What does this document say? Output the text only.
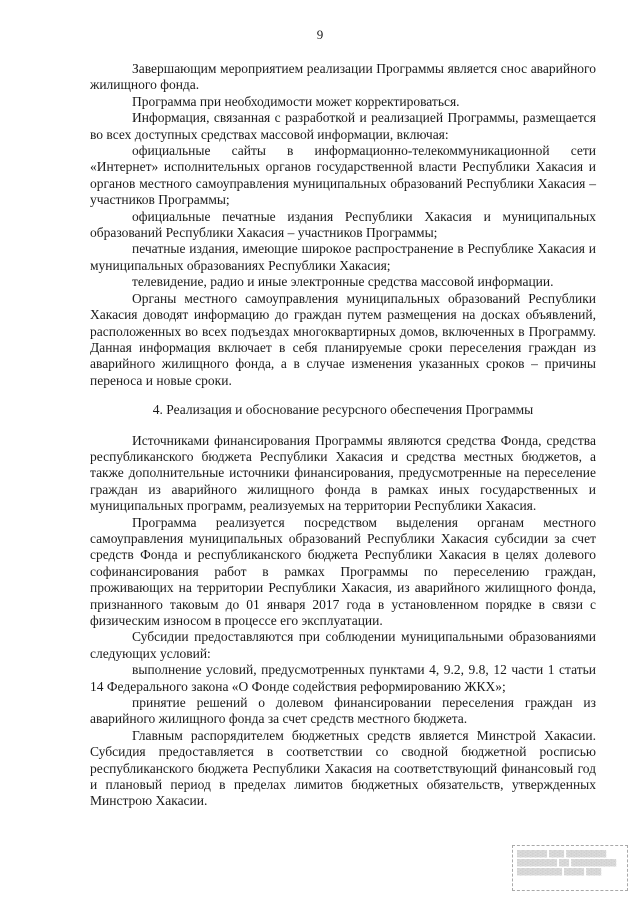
9

Завершающим мероприятием реализации Программы является снос аварийного жилищного фонда.

Программа при необходимости может корректироваться.

Информация, связанная с разработкой и реализацией Программы, размещается во всех доступных средствах массовой информации, включая:

официальные сайты в информационно-телекоммуникационной сети «Интернет» исполнительных органов государственной власти Республики Хакасия и органов местного самоуправления муниципальных образований Республики Хакасия – участников Программы;

официальные печатные издания Республики Хакасия и муниципальных образований Республики Хакасия – участников Программы;

печатные издания, имеющие широкое распространение в Республике Хакасия и муниципальных образованиях Республики Хакасия;

телевидение, радио и иные электронные средства массовой информации.

Органы местного самоуправления муниципальных образований Республики Хакасия доводят информацию до граждан путем размещения на досках объявлений, расположенных во всех подъездах многоквартирных домов, включенных в Программу. Данная информация включает в себя планируемые сроки переселения граждан из аварийного жилищного фонда, а в случае изменения указанных сроков – причины переноса и новые сроки.

4. Реализация и обоснование ресурсного обеспечения Программы

Источниками финансирования Программы являются средства Фонда, средства республиканского бюджета Республики Хакасия и средства местных бюджетов, а также дополнительные источники финансирования, предусмотренные на переселение граждан из аварийного жилищного фонда в рамках иных государственных и муниципальных программ, реализуемых на территории Республики Хакасия.

Программа реализуется посредством выделения органам местного самоуправления муниципальных образований Республики Хакасия субсидии за счет средств Фонда и республиканского бюджета Республики Хакасия в целях долевого софинансирования работ в рамках Программы по переселению граждан, проживающих на территории Республики Хакасия, из аварийного жилищного фонда, признанного таковым до 01 января 2017 года в установленном порядке в связи с физическим износом в процессе его эксплуатации.

Субсидии предоставляются при соблюдении муниципальными образованиями следующих условий:

выполнение условий, предусмотренных пунктами 4, 9.2, 9.8, 12 части 1 статьи 14 Федерального закона «О Фонде содействия реформированию ЖКХ»;

принятие решений о долевом финансировании переселения граждан из аварийного жилищного фонда за счет средств местного бюджета.

Главным распорядителем бюджетных средств является Минстрой Хакасии. Субсидия предоставляется в соответствии со сводной бюджетной росписью республиканского бюджета Республики Хакасия на соответствующий финансовый год и плановый период в пределах лимитов бюджетных обязательств, утвержденных Минстрою Хакасии.

▒▒▒▒▒▒ ▒▒▒ ▒▒▒▒▒▒▒▒
▒▒▒▒▒▒▒▒ ▒▒ ▒▒▒▒▒▒▒▒▒
▒▒▒▒▒▒▒▒▒ ▒▒▒▒ ▒▒▒
